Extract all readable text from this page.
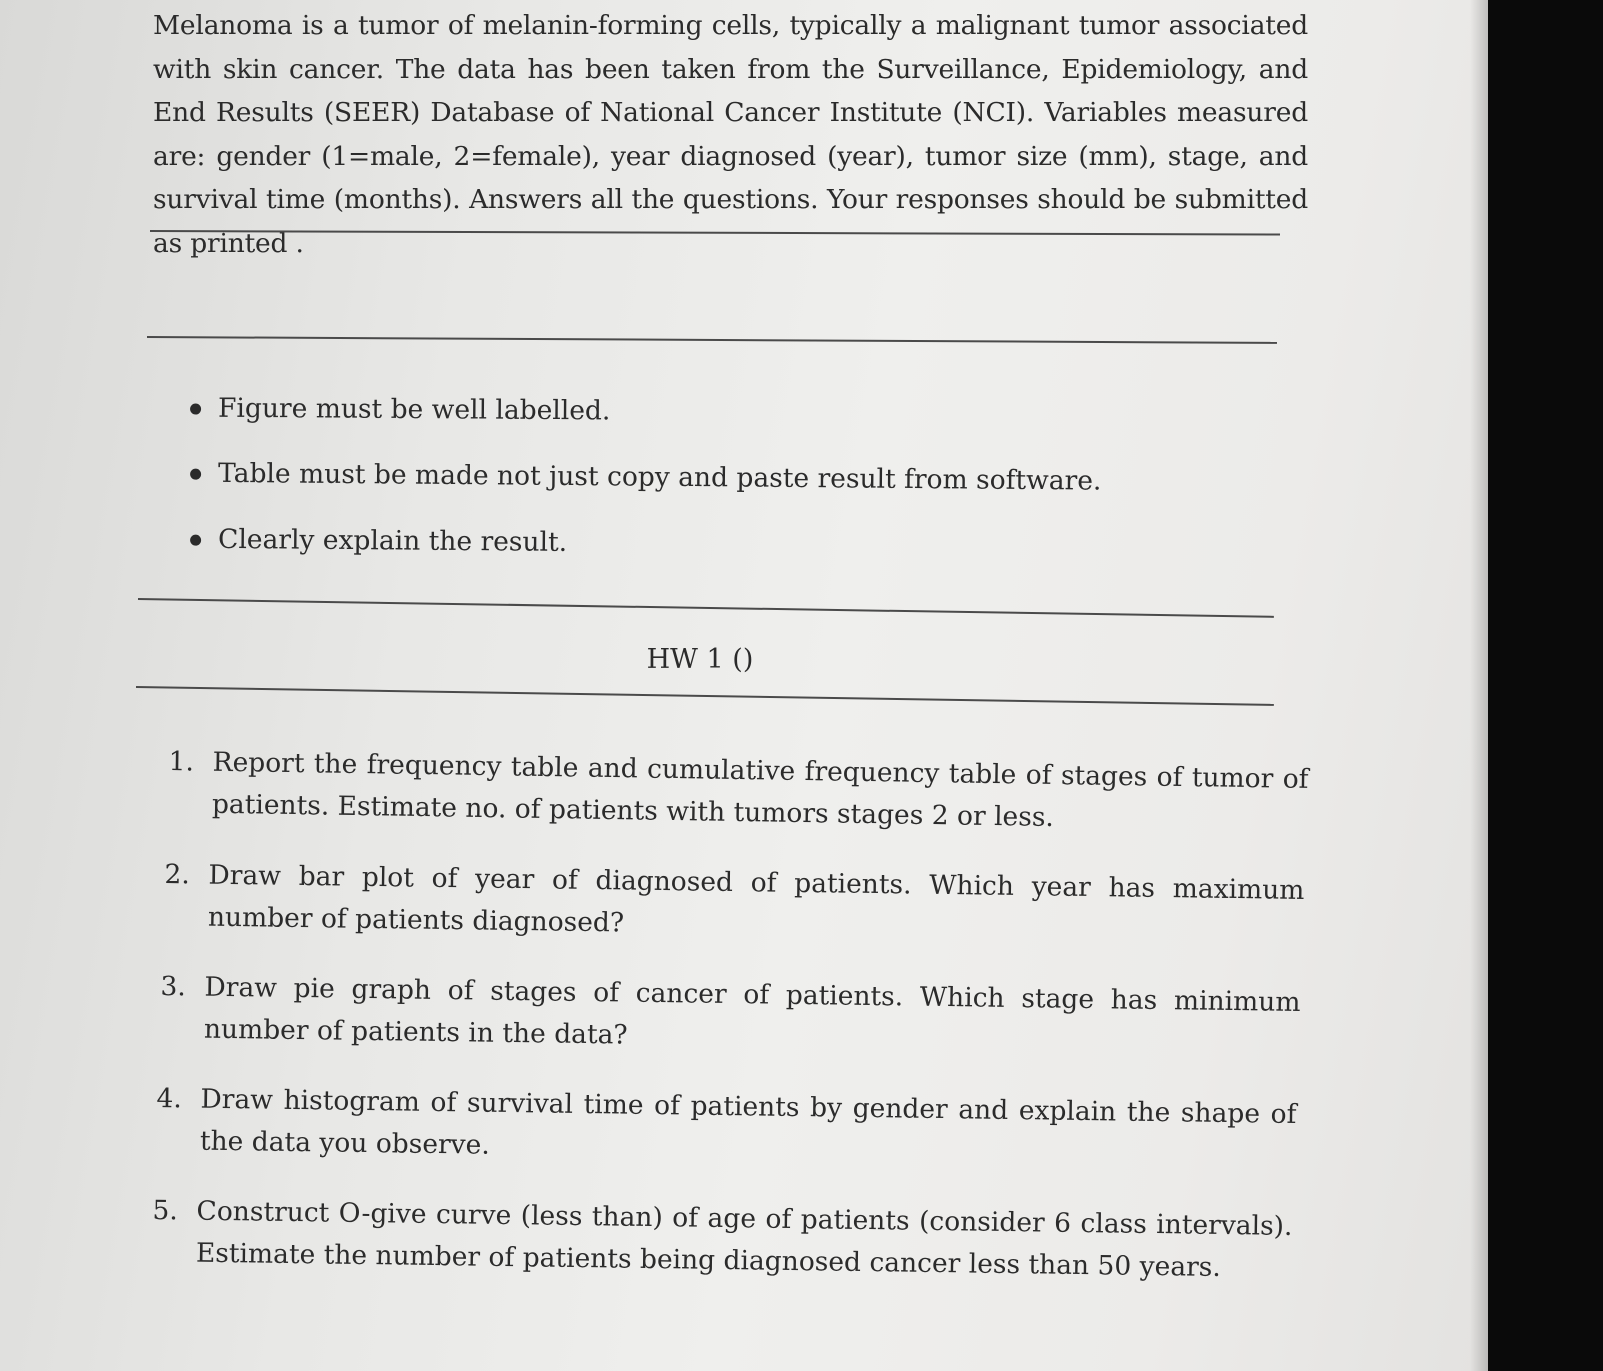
Melanoma is a tumor of melanin-forming cells, typically a malignant tumor associated with skin cancer. The data has been taken from the Surveillance, Epidemiology, and End Results (SEER) Database of National Cancer Institute (NCI). Variables measured are: gender (1=male, 2=female), year diagnosed (year), tumor size (mm), stage, and survival time (months). Answers all the questions. Your responses should be submitted as printed .

Figure must be well labelled.
Table must be made not just copy and paste result from software.
Clearly explain the result.
HW 1 ()
1. Report the frequency table and cumulative frequency table of stages of tumor of patients. Estimate no. of patients with tumors stages 2 or less.
2. Draw bar plot of year of diagnosed of patients. Which year has maximum number of patients diagnosed?
3. Draw pie graph of stages of cancer of patients. Which stage has minimum number of patients in the data?
4. Draw histogram of survival time of patients by gender and explain the shape of the data you observe.
5. Construct O-give curve (less than) of age of patients (consider 6 class intervals). Estimate the number of patients being diagnosed cancer less than 50 years.
